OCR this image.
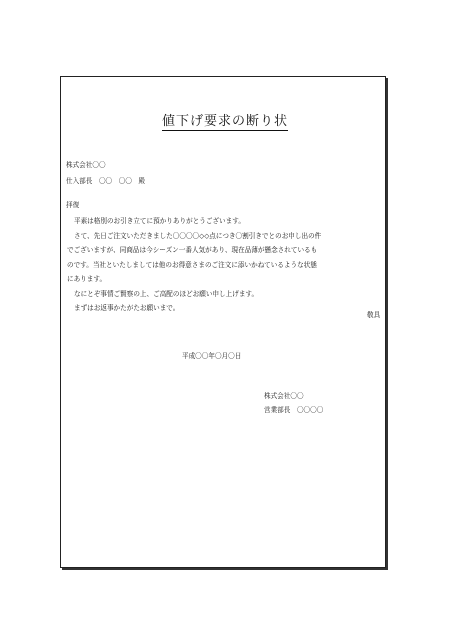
値下げ要求の断り状
株式会社〇〇
仕入部長　〇〇　〇〇　殿
拝復

平素は格別のお引き立てに預かりありがとうございます。

さて、先日ご注文いただきました〇〇〇〇◇◇点につき〇割引きでとのお申し出の件

でございますが、同商品は今シーズン一番人気があり、現在品薄が懸念されているも

のです。当社といたしましては他のお得意さまのご注文に添いかねているような状態

にあります。

なにとぞ事情ご賢察の上、ご高配のほどお願い申し上げます。

まずはお返事かたがたお願いまで。

敬具
平成〇〇年〇月〇日
株式会社〇〇
営業部長　〇〇〇〇
